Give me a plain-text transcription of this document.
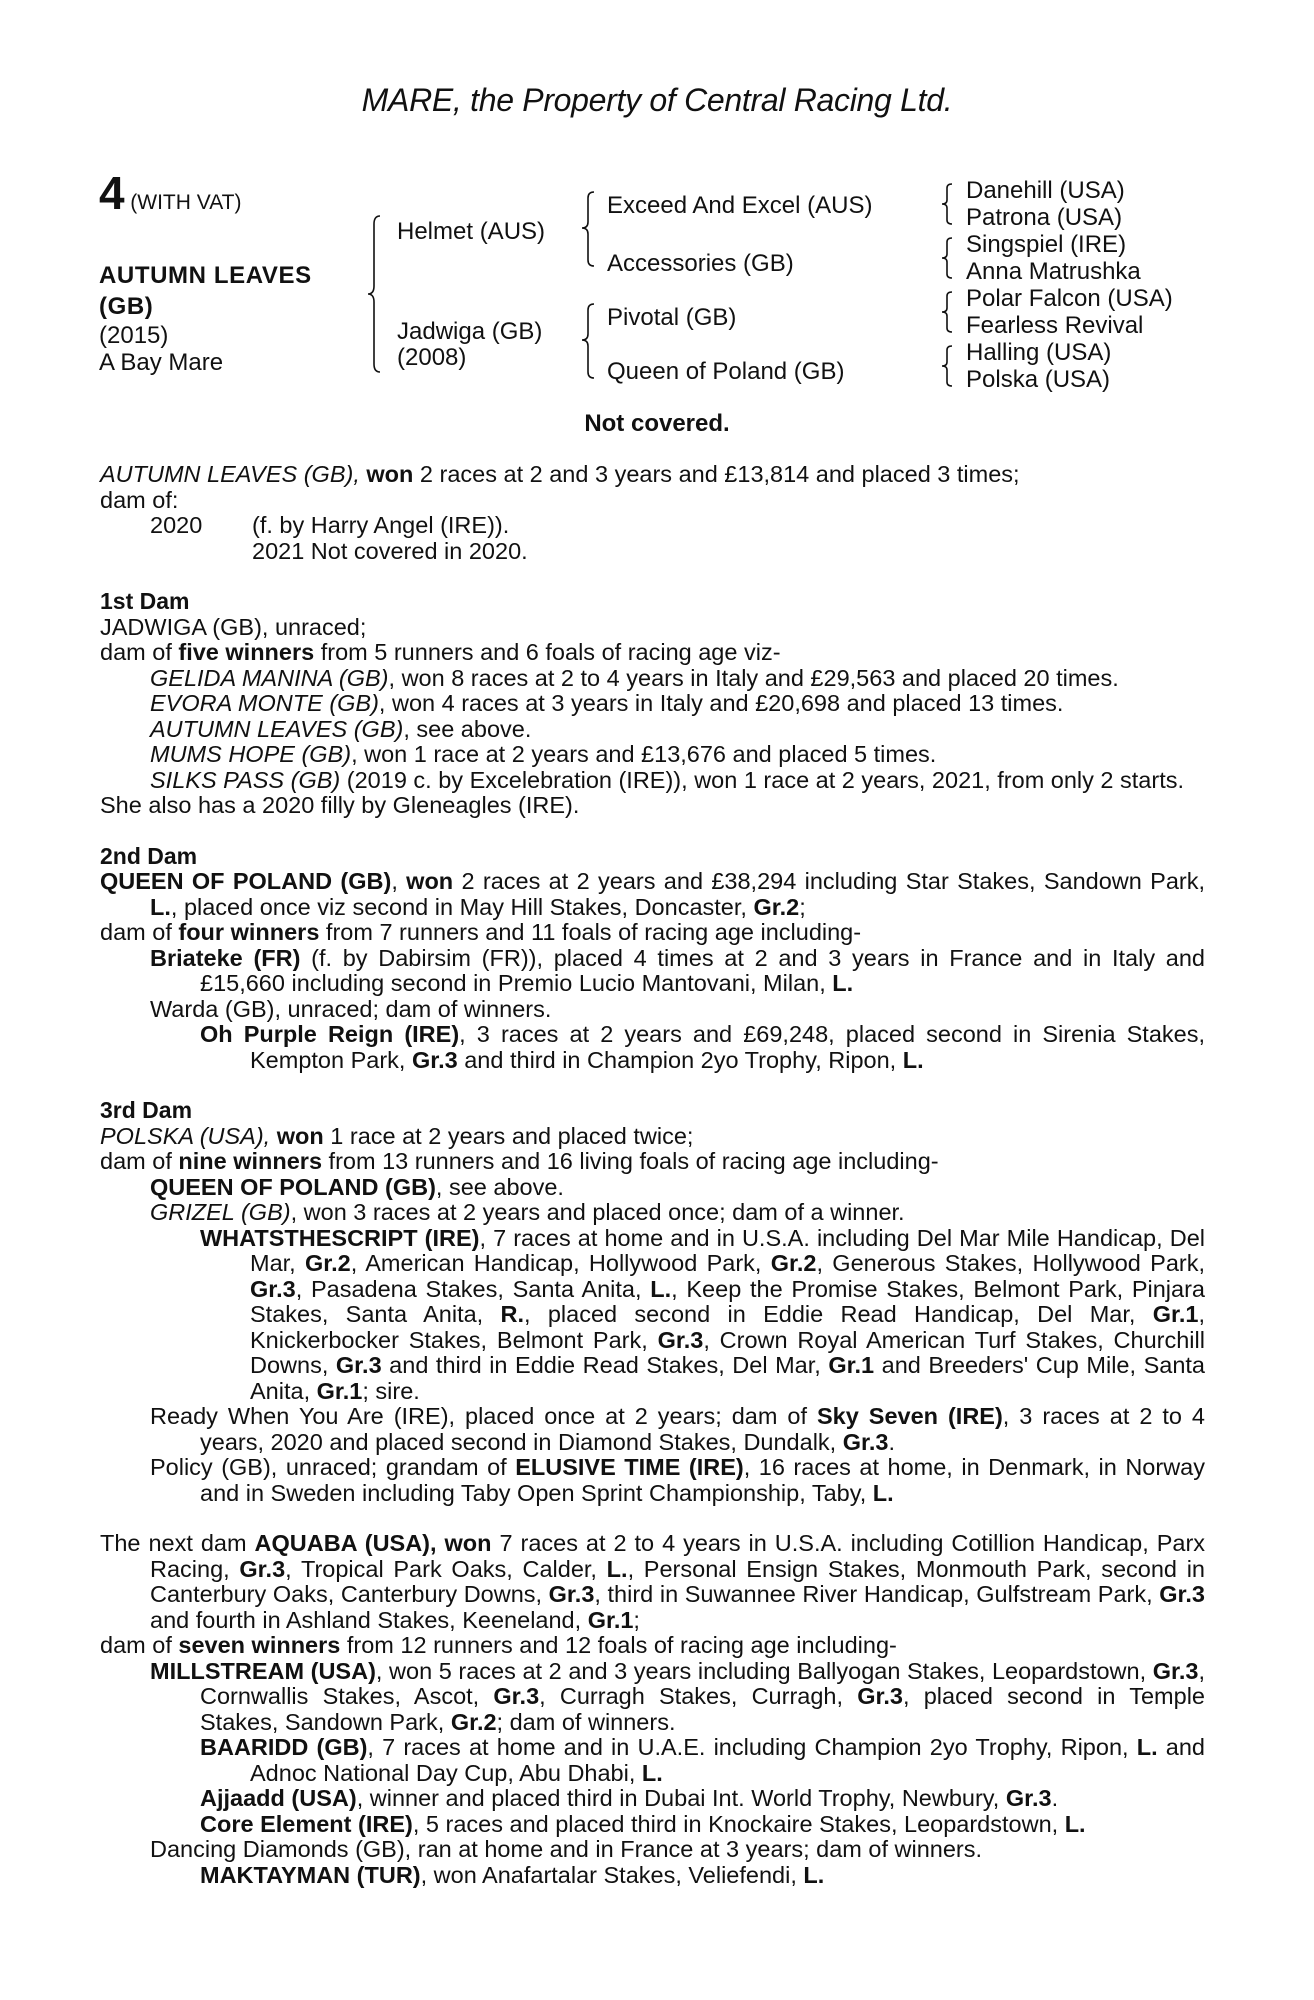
MARE, the Property of Central Racing Ltd.
4 (WITH VAT)
AUTUMN LEAVES
(GB)
(2015)
A Bay Mare
Helmet (AUS)
Jadwiga (GB)
(2008)
Exceed And Excel (AUS)
Accessories (GB)
Pivotal (GB)
Queen of Poland (GB)
Danehill (USA)
Patrona (USA)
Singspiel (IRE)
Anna Matrushka
Polar Falcon (USA)
Fearless Revival
Halling (USA)
Polska (USA)
Not covered.

AUTUMN LEAVES (GB), won 2 races at 2 and 3 years and £13,814 and placed 3 times;

dam of:

2020 (f. by Harry Angel (IRE)).

2021 Not covered in 2020.

1st Dam

JADWIGA (GB), unraced;

dam of five winners from 5 runners and 6 foals of racing age viz-

GELIDA MANINA (GB), won 8 races at 2 to 4 years in Italy and £29,563 and placed 20 times.

EVORA MONTE (GB), won 4 races at 3 years in Italy and £20,698 and placed 13 times.

AUTUMN LEAVES (GB), see above.

MUMS HOPE (GB), won 1 race at 2 years and £13,676 and placed 5 times.

SILKS PASS (GB) (2019 c. by Excelebration (IRE)), won 1 race at 2 years, 2021, from only 2 starts.

She also has a 2020 filly by Gleneagles (IRE).

2nd Dam

QUEEN OF POLAND (GB), won 2 races at 2 years and £38,294 including Star Stakes, Sandown Park, L., placed once viz second in May Hill Stakes, Doncaster, Gr.2;

dam of four winners from 7 runners and 11 foals of racing age including-

Briateke (FR) (f. by Dabirsim (FR)), placed 4 times at 2 and 3 years in France and in Italy and £15,660 including second in Premio Lucio Mantovani, Milan, L.

Warda (GB), unraced; dam of winners.

Oh Purple Reign (IRE), 3 races at 2 years and £69,248, placed second in Sirenia Stakes, Kempton Park, Gr.3 and third in Champion 2yo Trophy, Ripon, L.

3rd Dam

POLSKA (USA), won 1 race at 2 years and placed twice;

dam of nine winners from 13 runners and 16 living foals of racing age including-

QUEEN OF POLAND (GB), see above.

GRIZEL (GB), won 3 races at 2 years and placed once; dam of a winner.

WHATSTHESCRIPT (IRE), 7 races at home and in U.S.A. including Del Mar Mile Handicap, Del Mar, Gr.2, American Handicap, Hollywood Park, Gr.2, Generous Stakes, Hollywood Park, Gr.3, Pasadena Stakes, Santa Anita, L., Keep the Promise Stakes, Belmont Park, Pinjara Stakes, Santa Anita, R., placed second in Eddie Read Handicap, Del Mar, Gr.1, Knickerbocker Stakes, Belmont Park, Gr.3, Crown Royal American Turf Stakes, Churchill Downs, Gr.3 and third in Eddie Read Stakes, Del Mar, Gr.1 and Breeders' Cup Mile, Santa Anita, Gr.1; sire.

Ready When You Are (IRE), placed once at 2 years; dam of Sky Seven (IRE), 3 races at 2 to 4 years, 2020 and placed second in Diamond Stakes, Dundalk, Gr.3.

Policy (GB), unraced; grandam of ELUSIVE TIME (IRE), 16 races at home, in Denmark, in Norway and in Sweden including Taby Open Sprint Championship, Taby, L.

The next dam AQUABA (USA), won 7 races at 2 to 4 years in U.S.A. including Cotillion Handicap, Parx Racing, Gr.3, Tropical Park Oaks, Calder, L., Personal Ensign Stakes, Monmouth Park, second in Canterbury Oaks, Canterbury Downs, Gr.3, third in Suwannee River Handicap, Gulfstream Park, Gr.3 and fourth in Ashland Stakes, Keeneland, Gr.1;

dam of seven winners from 12 runners and 12 foals of racing age including-

MILLSTREAM (USA), won 5 races at 2 and 3 years including Ballyogan Stakes, Leopardstown, Gr.3, Cornwallis Stakes, Ascot, Gr.3, Curragh Stakes, Curragh, Gr.3, placed second in Temple Stakes, Sandown Park, Gr.2; dam of winners.

BAARIDD (GB), 7 races at home and in U.A.E. including Champion 2yo Trophy, Ripon, L. and Adnoc National Day Cup, Abu Dhabi, L.

Ajjaadd (USA), winner and placed third in Dubai Int. World Trophy, Newbury, Gr.3.

Core Element (IRE), 5 races and placed third in Knockaire Stakes, Leopardstown, L.

Dancing Diamonds (GB), ran at home and in France at 3 years; dam of winners.

MAKTAYMAN (TUR), won Anafartalar Stakes, Veliefendi, L.
